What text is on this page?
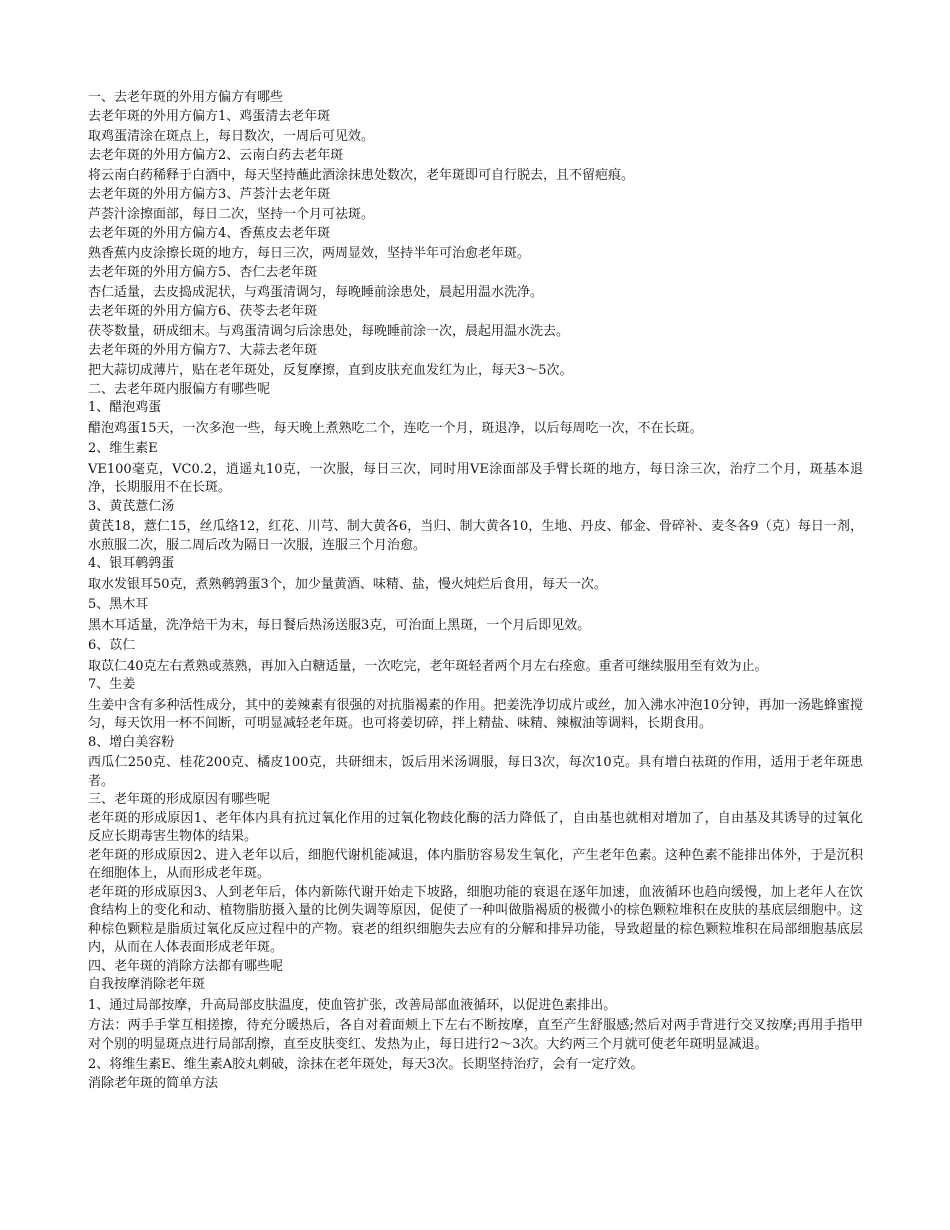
一、去老年斑的外用方偏方有哪些

去老年斑的外用方偏方1、鸡蛋清去老年斑

取鸡蛋清涂在斑点上，每日数次，一周后可见效。

去老年斑的外用方偏方2、云南白药去老年斑

将云南白药稀释于白酒中，每天坚持蘸此酒涂抹患处数次，老年斑即可自行脱去，且不留疤痕。

去老年斑的外用方偏方3、芦荟汁去老年斑

芦荟汁涂擦面部，每日二次，坚持一个月可祛斑。

去老年斑的外用方偏方4、香蕉皮去老年斑

熟香蕉内皮涂擦长斑的地方，每日三次，两周显效，坚持半年可治愈老年斑。

去老年斑的外用方偏方5、杏仁去老年斑

杏仁适量，去皮捣成泥状，与鸡蛋清调匀，每晚睡前涂患处，晨起用温水洗净。

去老年斑的外用方偏方6、茯苓去老年斑

茯苓数量，研成细末。与鸡蛋清调匀后涂患处，每晚睡前涂一次，晨起用温水洗去。

去老年斑的外用方偏方7、大蒜去老年斑

把大蒜切成薄片，贴在老年斑处，反复摩擦，直到皮肤充血发红为止，每天3～5次。

二、去老年斑内服偏方有哪些呢

1、醋泡鸡蛋

醋泡鸡蛋15天，一次多泡一些，每天晚上煮熟吃二个，连吃一个月，斑退净，以后每周吃一次，不在长斑。

2、维生素E

VE100毫克，VC0.2，逍遥丸10克，一次服，每日三次，同时用VE涂面部及手臂长斑的地方，每日涂三次，治疗二个月，斑基本退净，长期服用不在长斑。

3、黄芪薏仁汤

黄芪18，薏仁15，丝瓜络12，红花、川芎、制大黄各6，当归、制大黄各10，生地、丹皮、郁金、骨碎补、麦冬各9（克）每日一剂，水煎服二次，服二周后改为隔日一次服，连服三个月治愈。

4、银耳鹌鹑蛋

取水发银耳50克，煮熟鹌鹑蛋3个，加少量黄酒、味精、盐，慢火炖烂后食用，每天一次。

5、黑木耳

黑木耳适量，洗净焙干为末，每日餐后热汤送服3克，可治面上黑斑，一个月后即见效。

6、苡仁

取苡仁40克左右煮熟或蒸熟，再加入白糖适量，一次吃完，老年斑轻者两个月左右痊愈。重者可继续服用至有效为止。

7、生姜

生姜中含有多种活性成分，其中的姜辣素有很强的对抗脂褐素的作用。把姜洗净切成片或丝，加入沸水冲泡10分钟，再加一汤匙蜂蜜搅匀，每天饮用一杯不间断，可明显减轻老年斑。也可将姜切碎，拌上精盐、味精、辣椒油等调料，长期食用。

8、增白美容粉

西瓜仁250克、桂花200克、橘皮100克，共研细末，饭后用米汤调服，每日3次，每次10克。具有增白祛斑的作用，适用于老年斑患者。

三、老年斑的形成原因有哪些呢

老年斑的形成原因1、老年体内具有抗过氧化作用的过氧化物歧化酶的活力降低了，自由基也就相对增加了，自由基及其诱导的过氧化反应长期毒害生物体的结果。

老年斑的形成原因2、进入老年以后，细胞代谢机能减退，体内脂肪容易发生氧化，产生老年色素。这种色素不能排出体外，于是沉积在细胞体上，从而形成老年斑。

老年斑的形成原因3、人到老年后，体内新陈代谢开始走下坡路，细胞功能的衰退在逐年加速，血液循环也趋向缓慢，加上老年人在饮食结构上的变化和动、植物脂肪摄入量的比例失调等原因，促使了一种叫做脂褐质的极微小的棕色颗粒堆积在皮肤的基底层细胞中。这种棕色颗粒是脂质过氧化反应过程中的产物。衰老的组织细胞失去应有的分解和排异功能，导致超量的棕色颗粒堆积在局部细胞基底层内，从而在人体表面形成老年斑。

四、老年斑的消除方法都有哪些呢

自我按摩消除老年斑

1、通过局部按摩，升高局部皮肤温度，使血管扩张，改善局部血液循环，以促进色素排出。

方法：两手手掌互相搓擦，待充分暖热后，各自对着面颊上下左右不断按摩，直至产生舒服感;然后对两手背进行交叉按摩;再用手指甲对个别的明显斑点进行局部刮擦，直至皮肤变红、发热为止，每日进行2～3次。大约两三个月就可使老年斑明显减退。

2、将维生素E、维生素A胶丸刺破，涂抹在老年斑处，每天3次。长期坚持治疗，会有一定疗效。

消除老年斑的简单方法
